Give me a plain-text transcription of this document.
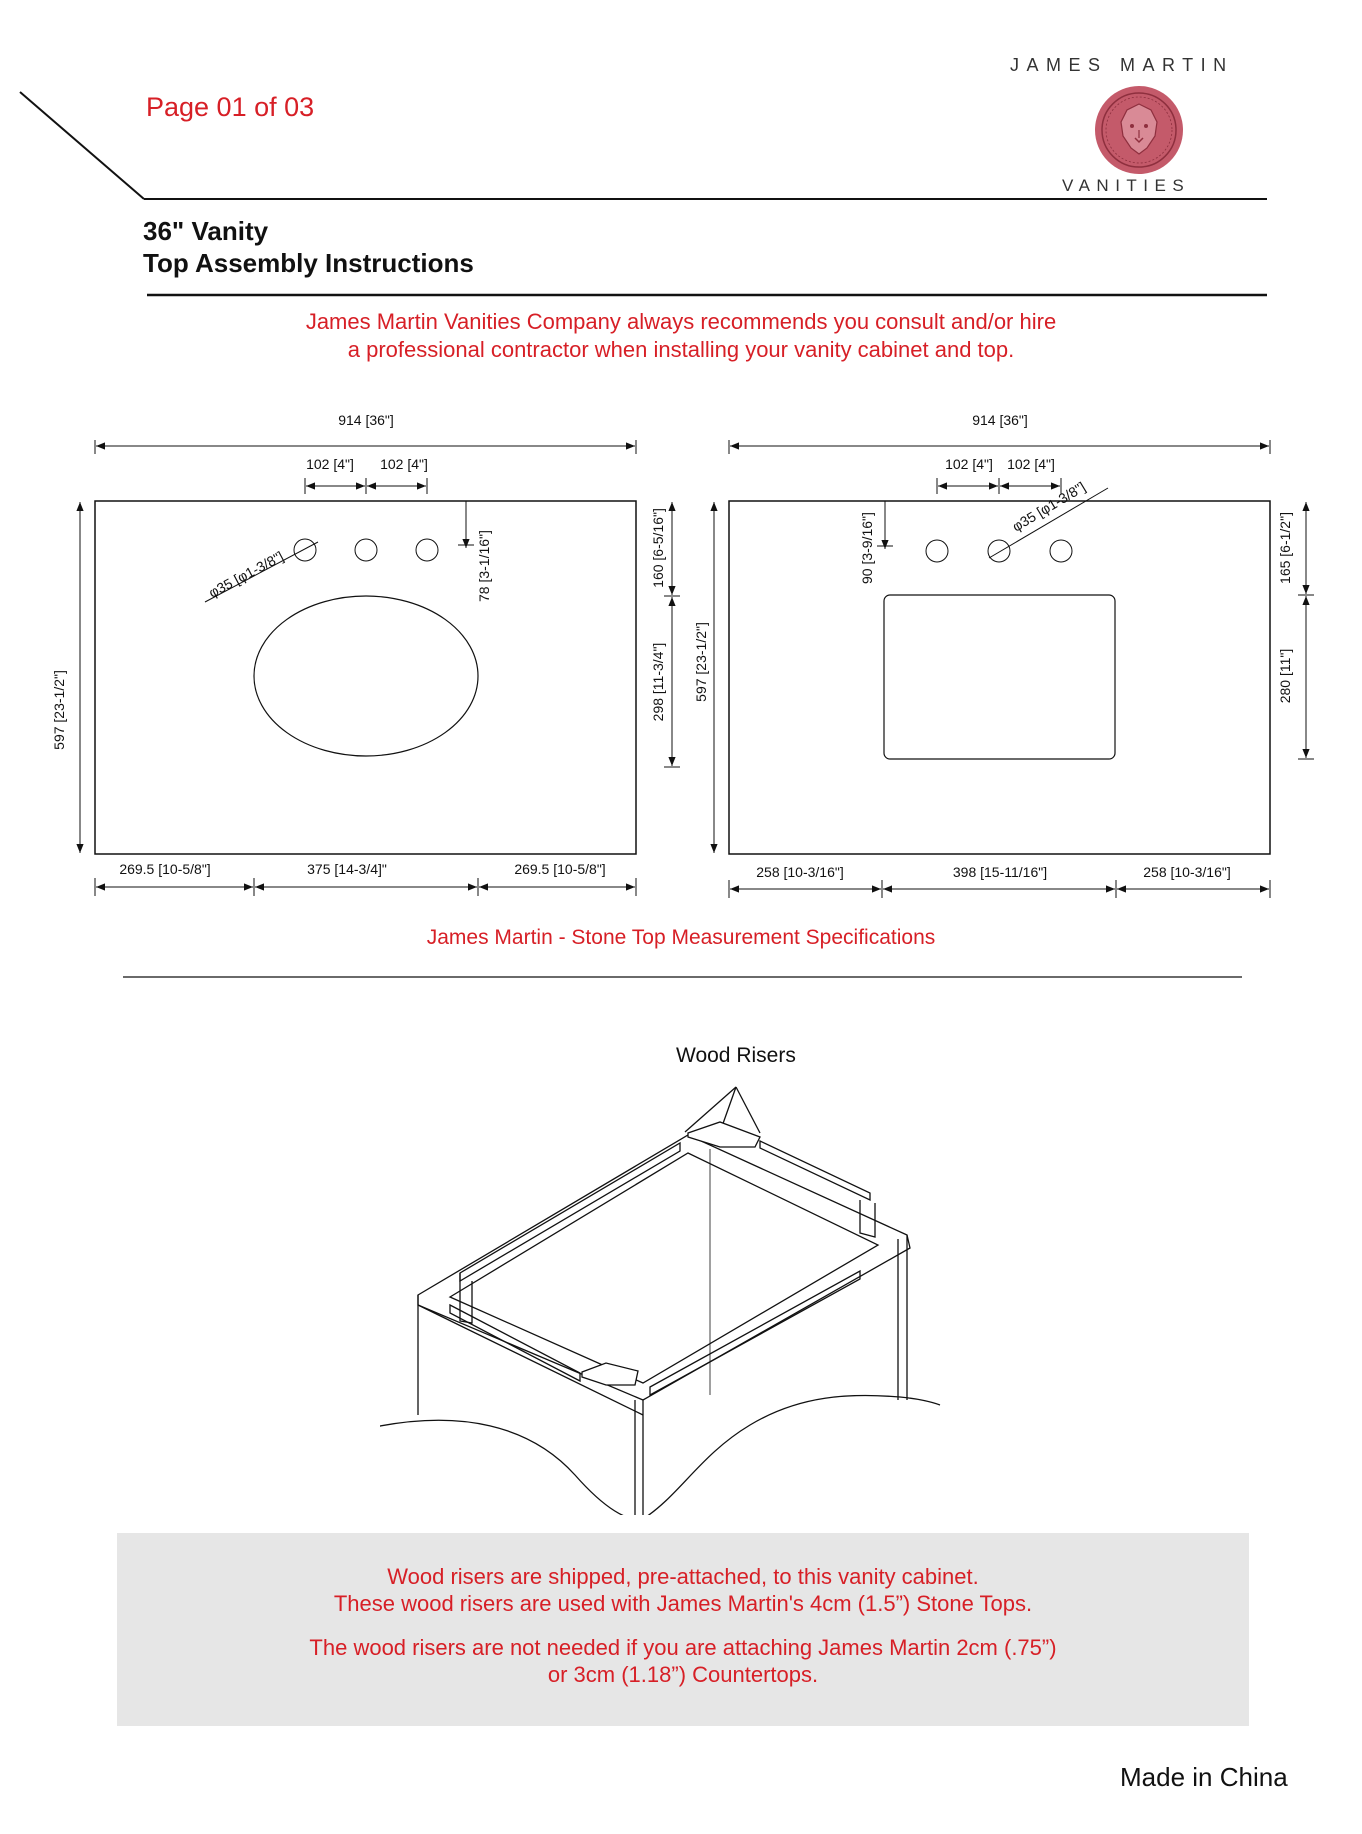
Page 01 of 03
JAMES MARTIN
VANITIES
36" Vanity
Top Assembly Instructions
James Martin Vanities Company always recommends you consult and/or hire
a professional contractor when installing your vanity cabinet and top.
914 [36"]
102 [4"] 102 [4"]
φ35 [φ1-3/8"]	78 [3-1/16"]
597 [23-1/2"]
160 [6-5/16"]
298 [11-3/4"]
269.5 [10-5/8"]	375 [14-3/4]"	269.5 [10-5/8"]
914 [36"]
102 [4"] 102 [4"]
φ35 [φ1-3/8"]
90 [3-9/16"]
597 [23-1/2"]
165 [6-1/2"]
280 [11"]
258 [10-3/16"]	398 [15-11/16"]	258 [10-3/16"]
James Martin - Stone Top Measurement Specifications
Wood Risers

Wood risers are shipped, pre-attached, to this vanity cabinet.
These wood risers are used with James Martin's 4cm (1.5”) Stone Tops.

The wood risers are not needed if you are attaching James Martin 2cm (.75”)
or 3cm (1.18”) Countertops.

Made in China
